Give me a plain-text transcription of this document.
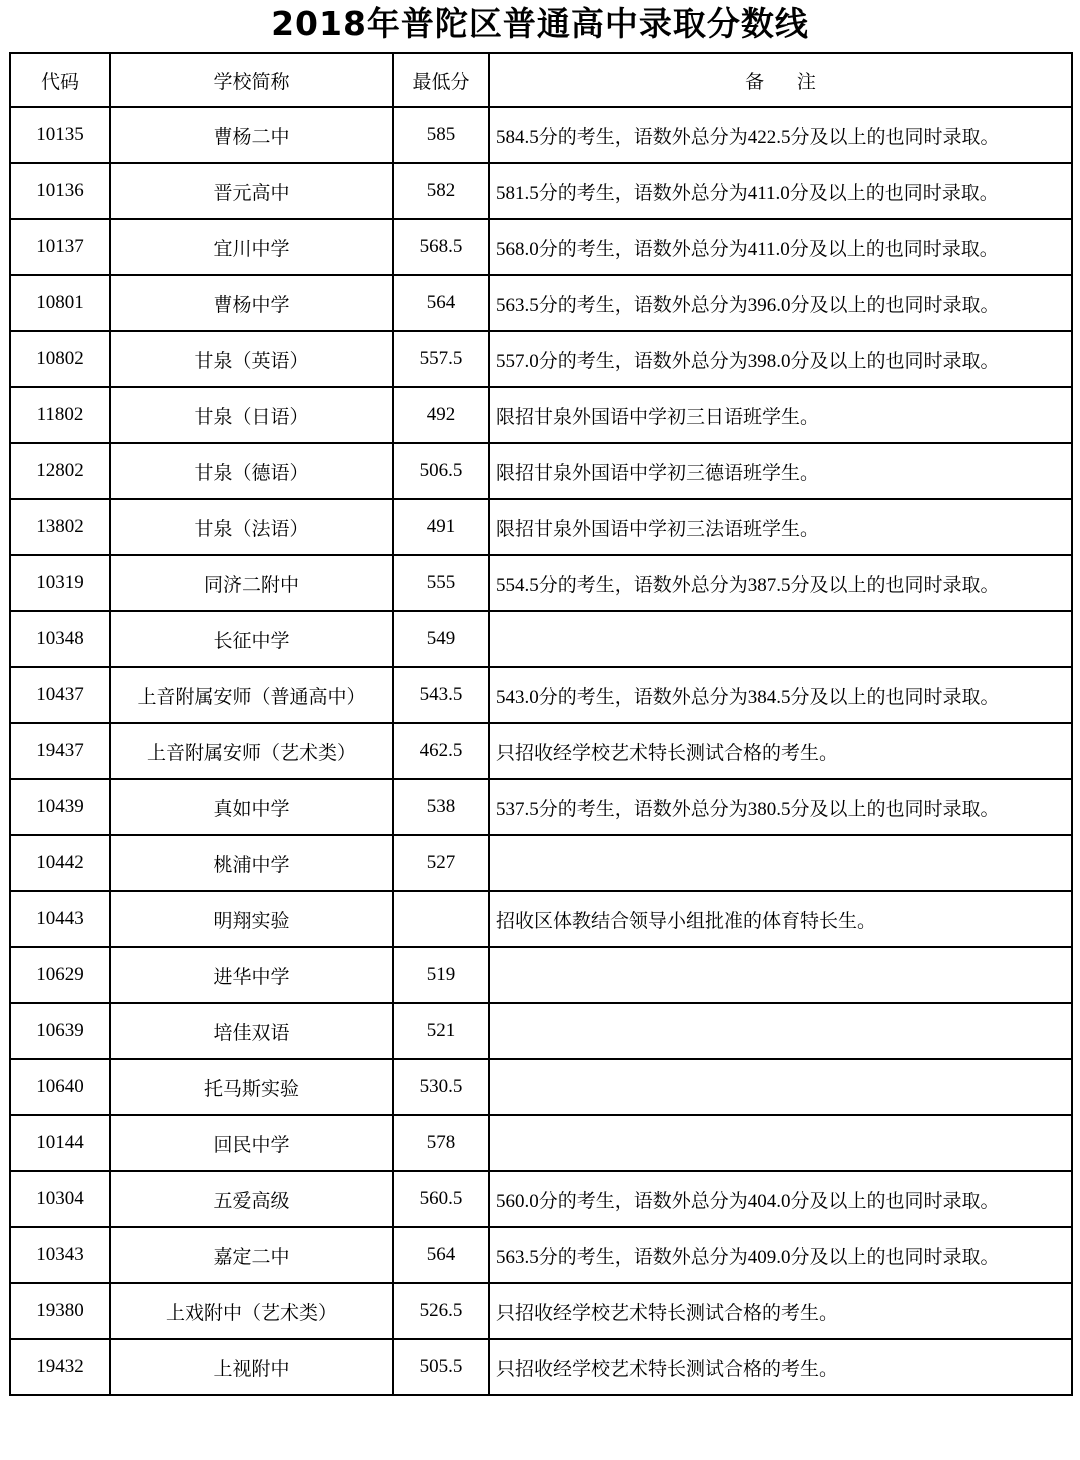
2018年普陀区普通高中录取分数线
代码	学校简称	最低分	备 注
10135	曹杨二中	585	584.5分的考生，语数外总分为422.5分及以上的也同时录取。
10136	晋元高中	582	581.5分的考生，语数外总分为411.0分及以上的也同时录取。
10137	宜川中学	568.5	568.0分的考生，语数外总分为411.0分及以上的也同时录取。
10801	曹杨中学	564	563.5分的考生，语数外总分为396.0分及以上的也同时录取。
10802	甘泉（英语）	557.5	557.0分的考生，语数外总分为398.0分及以上的也同时录取。
11802	甘泉（日语）	492	限招甘泉外国语中学初三日语班学生。
12802	甘泉（德语）	506.5	限招甘泉外国语中学初三德语班学生。
13802	甘泉（法语）	491	限招甘泉外国语中学初三法语班学生。
10319	同济二附中	555	554.5分的考生，语数外总分为387.5分及以上的也同时录取。
10348	长征中学	549	
10437	上音附属安师（普通高中）	543.5	543.0分的考生，语数外总分为384.5分及以上的也同时录取。
19437	上音附属安师（艺术类）	462.5	只招收经学校艺术特长测试合格的考生。
10439	真如中学	538	537.5分的考生，语数外总分为380.5分及以上的也同时录取。
10442	桃浦中学	527	
10443	明翔实验		招收区体教结合领导小组批准的体育特长生。
10629	进华中学	519	
10639	培佳双语	521	
10640	托马斯实验	530.5	
10144	回民中学	578	
10304	五爱高级	560.5	560.0分的考生，语数外总分为404.0分及以上的也同时录取。
10343	嘉定二中	564	563.5分的考生，语数外总分为409.0分及以上的也同时录取。
19380	上戏附中（艺术类）	526.5	只招收经学校艺术特长测试合格的考生。
19432	上视附中	505.5	只招收经学校艺术特长测试合格的考生。
